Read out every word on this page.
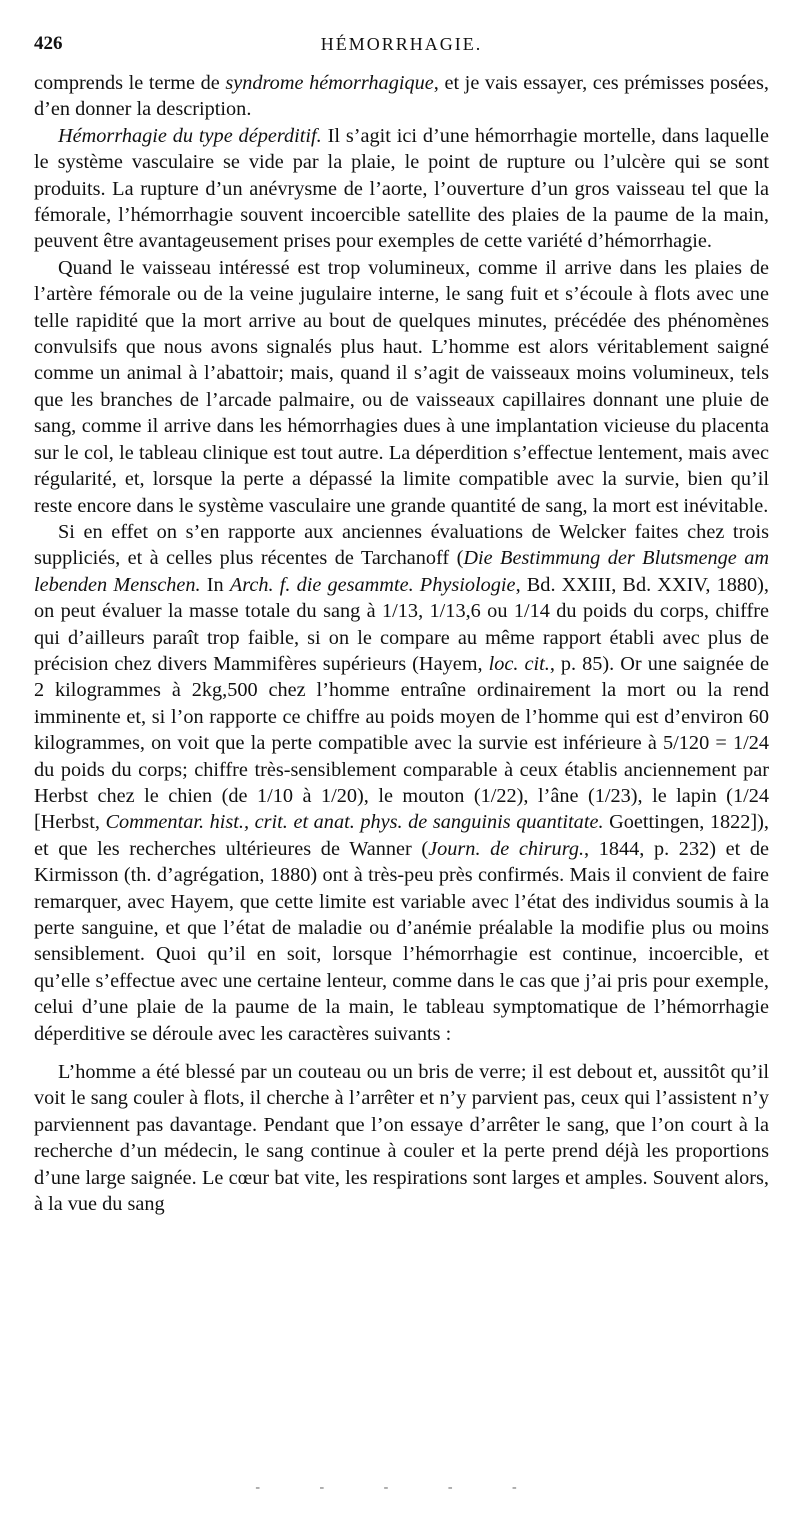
426	HÉMORRHAGIE.

comprends le terme de syndrome hémorrhagique, et je vais essayer, ces prémisses posées, d’en donner la description.

Hémorrhagie du type déperditif. Il s’agit ici d’une hémorrhagie mortelle, dans laquelle le système vasculaire se vide par la plaie, le point de rupture ou l’ulcère qui se sont produits. La rupture d’un anévrysme de l’aorte, l’ouverture d’un gros vaisseau tel que la fémorale, l’hémorrhagie souvent incoercible satellite des plaies de la paume de la main, peuvent être avantageusement prises pour exemples de cette variété d’hémorrhagie.

Quand le vaisseau intéressé est trop volumineux, comme il arrive dans les plaies de l’artère fémorale ou de la veine jugulaire interne, le sang fuit et s’écoule à flots avec une telle rapidité que la mort arrive au bout de quelques minutes, précédée des phénomènes convulsifs que nous avons signalés plus haut. L’homme est alors véritablement saigné comme un animal à l’abattoir; mais, quand il s’agit de vaisseaux moins volumineux, tels que les branches de l’arcade palmaire, ou de vaisseaux capillaires donnant une pluie de sang, comme il arrive dans les hémorrhagies dues à une implantation vicieuse du placenta sur le col, le tableau clinique est tout autre. La déperdition s’effectue lentement, mais avec régularité, et, lorsque la perte a dépassé la limite compatible avec la survie, bien qu’il reste encore dans le système vasculaire une grande quantité de sang, la mort est inévitable.

Si en effet on s’en rapporte aux anciennes évaluations de Welcker faites chez trois suppliciés, et à celles plus récentes de Tarchanoff (Die Bestimmung der Blutsmenge am lebenden Menschen. In Arch. f. die gesammte. Physiologie, Bd. XXIII, Bd. XXIV, 1880), on peut évaluer la masse totale du sang à 1/13, 1/13,6 ou 1/14 du poids du corps, chiffre qui d’ailleurs paraît trop faible, si on le compare au même rapport établi avec plus de précision chez divers Mammifères supérieurs (Hayem, loc. cit., p. 85). Or une saignée de 2 kilogrammes à 2kg,500 chez l’homme entraîne ordinairement la mort ou la rend imminente et, si l’on rapporte ce chiffre au poids moyen de l’homme qui est d’environ 60 kilogrammes, on voit que la perte compatible avec la survie est inférieure à 5/120 = 1/24 du poids du corps; chiffre très-sensiblement comparable à ceux établis anciennement par Herbst chez le chien (de 1/10 à 1/20), le mouton (1/22), l’âne (1/23), le lapin (1/24 [Herbst, Commentar. hist., crit. et anat. phys. de sanguinis quantitate. Goettingen, 1822]), et que les recherches ultérieures de Wanner (Journ. de chirurg., 1844, p. 232) et de Kirmisson (th. d’agrégation, 1880) ont à très-peu près confirmés. Mais il convient de faire remarquer, avec Hayem, que cette limite est variable avec l’état des individus soumis à la perte sanguine, et que l’état de maladie ou d’anémie préalable la modifie plus ou moins sensiblement. Quoi qu’il en soit, lorsque l’hémorrhagie est continue, incoercible, et qu’elle s’effectue avec une certaine lenteur, comme dans le cas que j’ai pris pour exemple, celui d’une plaie de la paume de la main, le tableau symptomatique de l’hémorrhagie déperditive se déroule avec les caractères suivants :

L’homme a été blessé par un couteau ou un bris de verre; il est debout et, aussitôt qu’il voit le sang couler à flots, il cherche à l’arrêter et n’y parvient pas, ceux qui l’assistent n’y parviennent pas davantage. Pendant que l’on essaye d’arrêter le sang, que l’on court à la recherche d’un médecin, le sang continue à couler et la perte prend déjà les proportions d’une large saignée. Le cœur bat vite, les respirations sont larges et amples. Souvent alors, à la vue du sang

- - - - -
